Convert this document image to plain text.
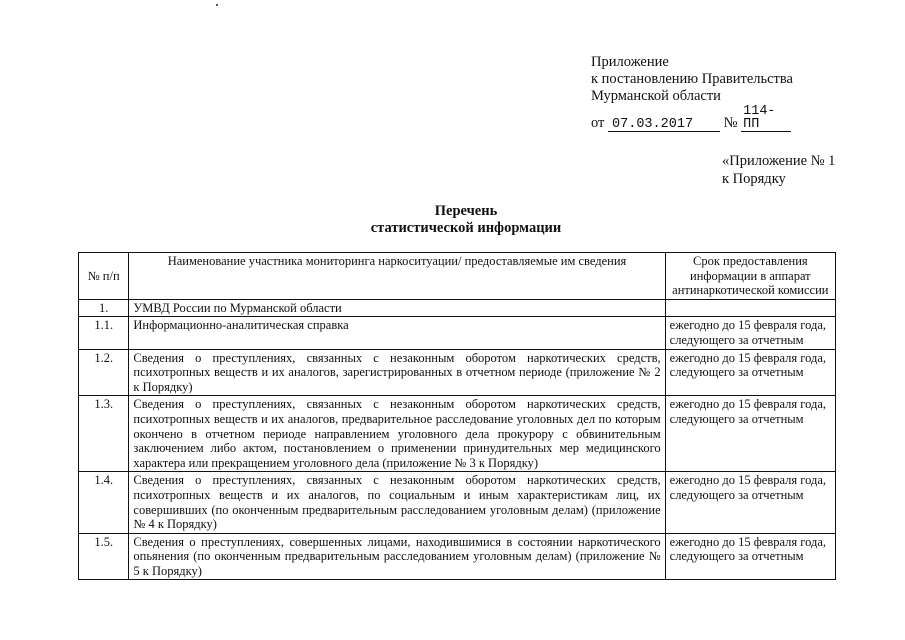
Приложение
к постановлению Правительства
Мурманской области
от 07.03.2017 № 114-ПП
«Приложение № 1
к Порядку
Перечень
статистической информации
№ п/п	Наименование участника мониторинга наркоситуации/ предоставляемые им сведения	Срок предоставления информации в аппарат антинаркотической комиссии
1.	УМВД России по Мурманской области	
1.1.	Информационно-аналитическая справка	ежегодно до 15 февраля года, следующего за отчетным
1.2.	Сведения о преступлениях, связанных с незаконным оборотом наркотических средств, психотропных веществ и их аналогов, зарегистрированных в отчетном периоде (приложение № 2 к Порядку)	ежегодно до 15 февраля года, следующего за отчетным
1.3.	Сведения о преступлениях, связанных с незаконным оборотом наркотических средств, психотропных веществ и их аналогов, предварительное расследование уголовных дел по которым окончено в отчетном периоде направлением уголовного дела прокурору с обвинительным заключением либо актом, постановлением о применении принудительных мер медицинского характера или прекращением уголовного дела (приложение № 3 к Порядку)	ежегодно до 15 февраля года, следующего за отчетным
1.4.	Сведения о преступлениях, связанных с незаконным оборотом наркотических средств, психотропных веществ и их аналогов, по социальным и иным характеристикам лиц, их совершивших (по оконченным предварительным расследованием уголовным делам) (приложение № 4 к Порядку)	ежегодно до 15 февраля года, следующего за отчетным
1.5.	Сведения о преступлениях, совершенных лицами, находившимися в состоянии наркотического опьянения (по оконченным предварительным расследованием уголовным делам) (приложение № 5 к Порядку)	ежегодно до 15 февраля года, следующего за отчетным
